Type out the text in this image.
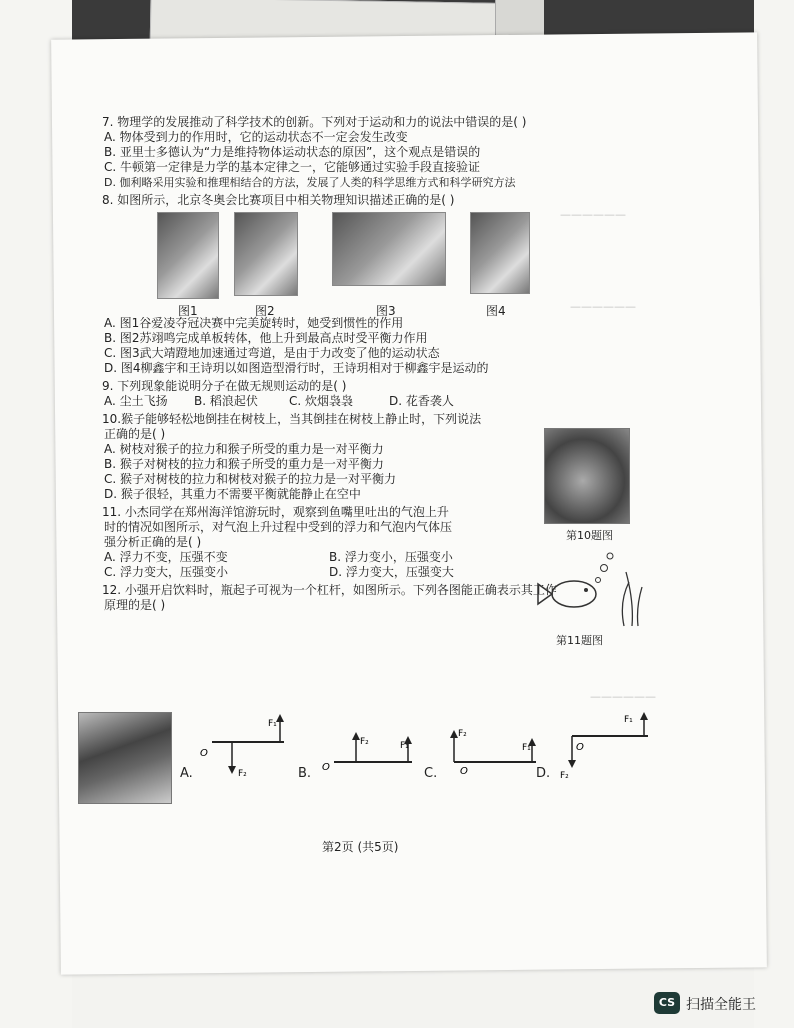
——————
——————
——————
7. 物理学的发展推动了科学技术的创新。下列对于运动和力的说法中错误的是( )
A. 物体受到力的作用时，它的运动状态不一定会发生改变
B. 亚里士多德认为“力是维持物体运动状态的原因”，这个观点是错误的
C. 牛顿第一定律是力学的基本定律之一，它能够通过实验手段直接验证
D. 伽利略采用实验和推理相结合的方法，发展了人类的科学思维方式和科学研究方法
8. 如图所示，北京冬奥会比赛项目中相关物理知识描述正确的是( )
图1	图2	图3	图4
A. 图1谷爱凌夺冠决赛中完美旋转时，她受到惯性的作用
B. 图2苏翊鸣完成单板转体，他上升到最高点时受平衡力作用
C. 图3武大靖蹬地加速通过弯道，是由于力改变了他的运动状态
D. 图4柳鑫宇和王诗玥以如图造型滑行时，王诗玥相对于柳鑫宇是运动的
9. 下列现象能说明分子在做无规则运动的是( )
A. 尘土飞扬	B. 稻浪起伏	C. 炊烟袅袅	D. 花香袭人
10.猴子能够轻松地倒挂在树枝上，当其倒挂在树枝上静止时，下列说法
正确的是( )
A. 树枝对猴子的拉力和猴子所受的重力是一对平衡力
B. 猴子对树枝的拉力和猴子所受的重力是一对平衡力
C. 猴子对树枝的拉力和树枝对猴子的拉力是一对平衡力
D. 猴子很轻，其重力不需要平衡就能静止在空中
11. 小杰同学在郑州海洋馆游玩时，观察到鱼嘴里吐出的气泡上升
时的情况如图所示，对气泡上升过程中受到的浮力和气泡内气体压
强分析正确的是( )
A. 浮力不变，压强不变	B. 浮力变小，压强变小
C. 浮力变大，压强变小	D. 浮力变大，压强变大
12. 小强开启饮料时，瓶起子可视为一个杠杆，如图所示。下列各图能正确表示其工作
原理的是( )
第10题图
第11题图
O
F₁
F₂
A.	O
F₂	F₁
B.
F₂
O
F₁
C.
F₁
O
F₂
D.
第2页 (共5页)
CS 扫描全能王
